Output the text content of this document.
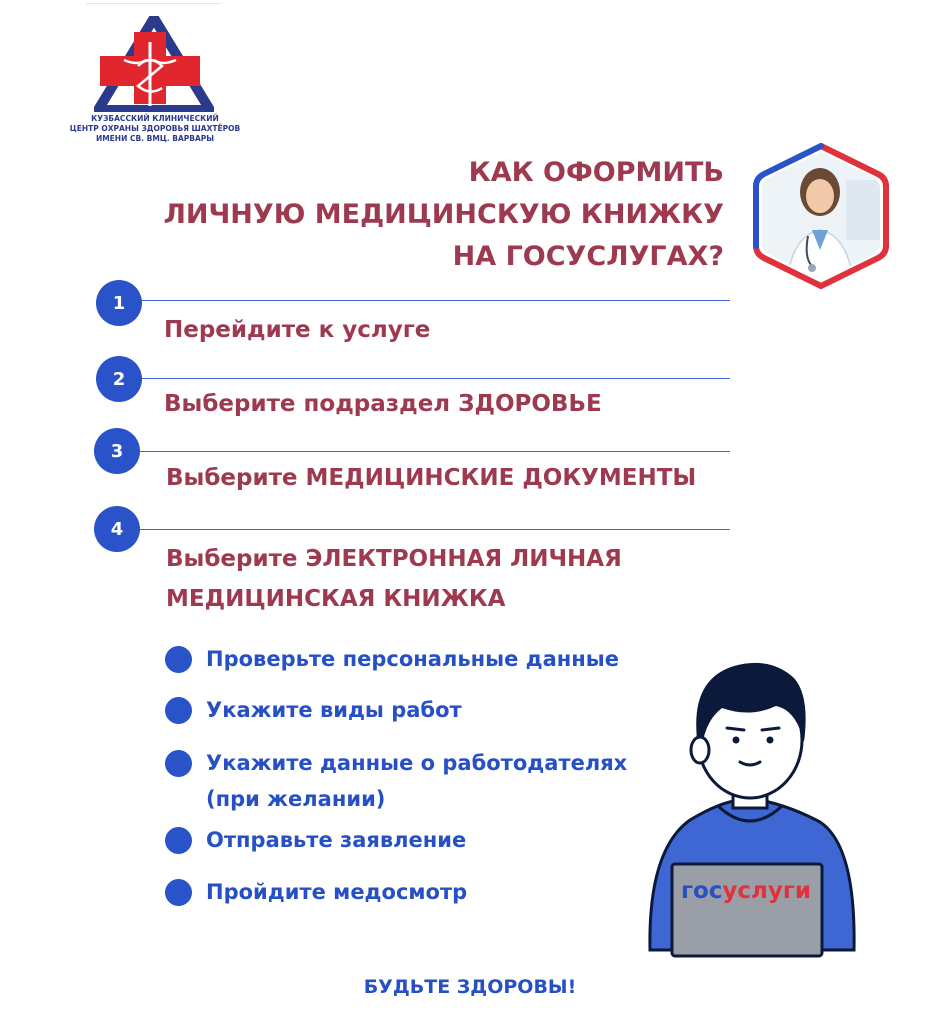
КУЗБАССКИЙ КЛИНИЧЕСКИЙ
ЦЕНТР ОХРАНЫ ЗДОРОВЬЯ ШАХТЁРОВ
ИМЕНИ СВ. ВМЦ. ВАРВАРЫ
КАК ОФОРМИТЬ
ЛИЧНУЮ МЕДИЦИНСКУЮ КНИЖКУ
НА ГОСУСЛУГАХ?
1
Перейдите к услуге
2
Выберите подраздел ЗДОРОВЬЕ
3
Выберите МЕДИЦИНСКИЕ ДОКУМЕНТЫ
4
Выберите ЭЛЕКТРОННАЯ ЛИЧНАЯ
МЕДИЦИНСКАЯ КНИЖКА
Проверьте персональные данные
Укажите виды работ
Укажите данные о работодателях
(при желании)
Отправьте заявление
Пройдите медосмотр	госуслуги
БУДЬТЕ ЗДОРОВЫ!
